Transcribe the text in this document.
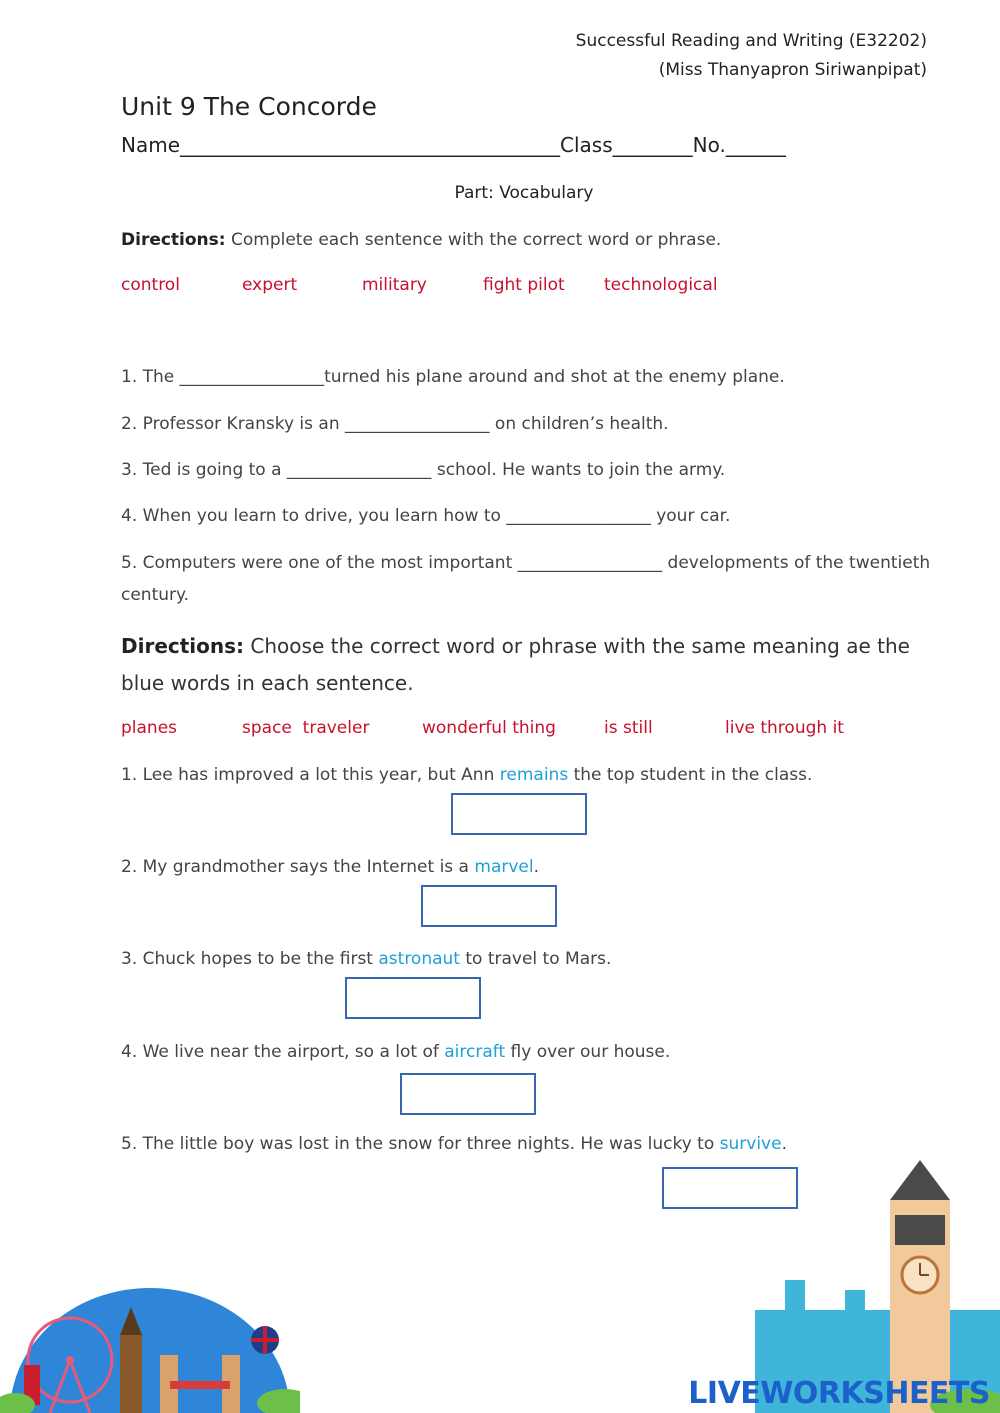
Successful Reading and Writing (E32202)
(Miss Thanyapron Siriwanpipat)
Unit 9 The Concorde
Name______________________________________Class________No.______
Part: Vocabulary
Directions: Complete each sentence with the correct word or phrase.
control	expert	military	fight pilot technological
1. The _________________turned his plane around and shot at the enemy plane.
2. Professor Kransky is an _________________ on children’s health.
3. Ted is going to a _________________ school. He wants to join the army.
4. When you learn to drive, you learn how to _________________ your car.
5. Computers were one of the most important _________________ developments of the twentieth
century.
Directions: Choose the correct word or phrase with the same meaning ae the blue words in each sentence.
planes	space  traveler	wonderful thing	is still	live through it
1. Lee has improved a lot this year, but Ann remains the top student in the class.
2. My grandmother says the Internet is a marvel.
3. Chuck hopes to be the first astronaut to travel to Mars.
4. We live near the airport, so a lot of aircraft fly over our house.
5. The little boy was lost in the snow for three nights. He was lucky to survive.
LIVEWORKSHEETS
